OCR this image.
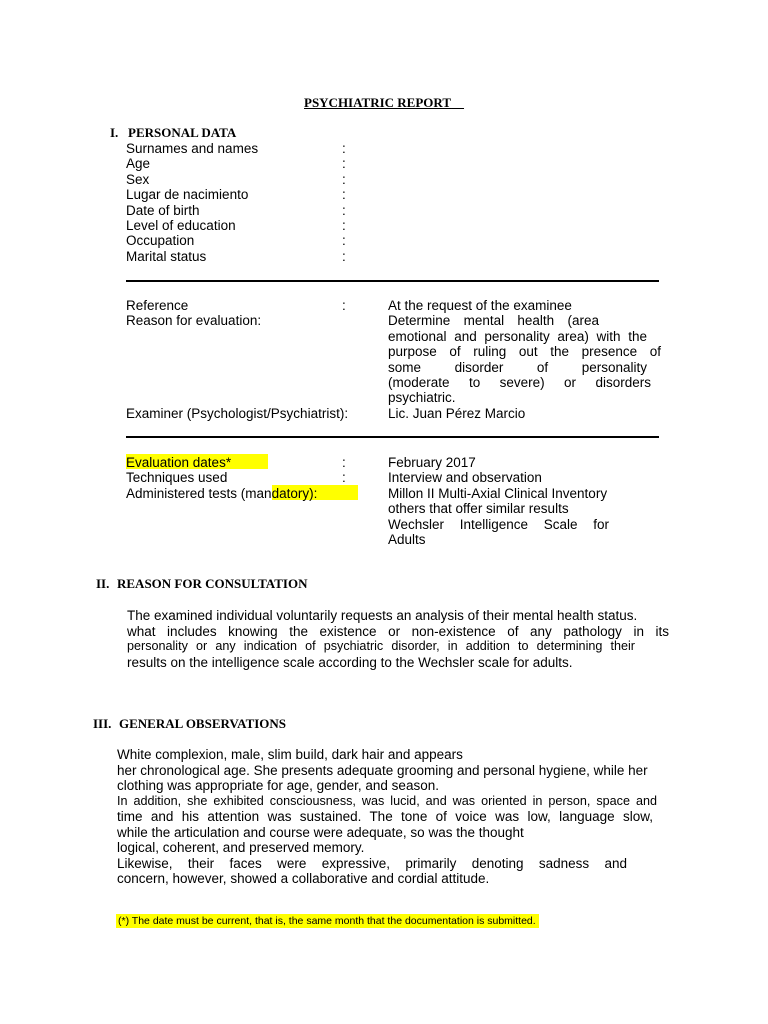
PSYCHIATRIC REPORT
I. PERSONAL DATA
Surnames and names	:
Age	:
Sex	:
Lugar de nacimiento	:
Date of birth	:
Level of education	:
Occupation	:
Marital status	:
Reference	:	At the request of the examinee
Reason for evaluation:	Determine mental health (area
emotional and personality area) with the
purpose of ruling out the presence of
some disorder of personality
(moderate to severe) or disorders
psychiatric.
Examiner (Psychologist/Psychiatrist):	Lic. Juan Pérez Marcio
Evaluation dates*	:	February 2017
Techniques used	:	Interview and observation
Administered tests (mandatory):	Millon II Multi-Axial Clinical Inventory
others that offer similar results
Wechsler Intelligence Scale for
Adults
II. REASON FOR CONSULTATION
The examined individual voluntarily requests an analysis of their mental health status.
what includes knowing the existence or non-existence of any pathology in its
personality or any indication of psychiatric disorder, in addition to determining their
results on the intelligence scale according to the Wechsler scale for adults.
III. GENERAL OBSERVATIONS
White complexion, male, slim build, dark hair and appears
her chronological age. She presents adequate grooming and personal hygiene, while her
clothing was appropriate for age, gender, and season.
In addition, she exhibited consciousness, was lucid, and was oriented in person, space and
time and his attention was sustained. The tone of voice was low, language slow,
while the articulation and course were adequate, so was the thought
logical, coherent, and preserved memory.
Likewise, their faces were expressive, primarily denoting sadness and
concern, however, showed a collaborative and cordial attitude.
(*) The date must be current, that is, the same month that the documentation is submitted.
